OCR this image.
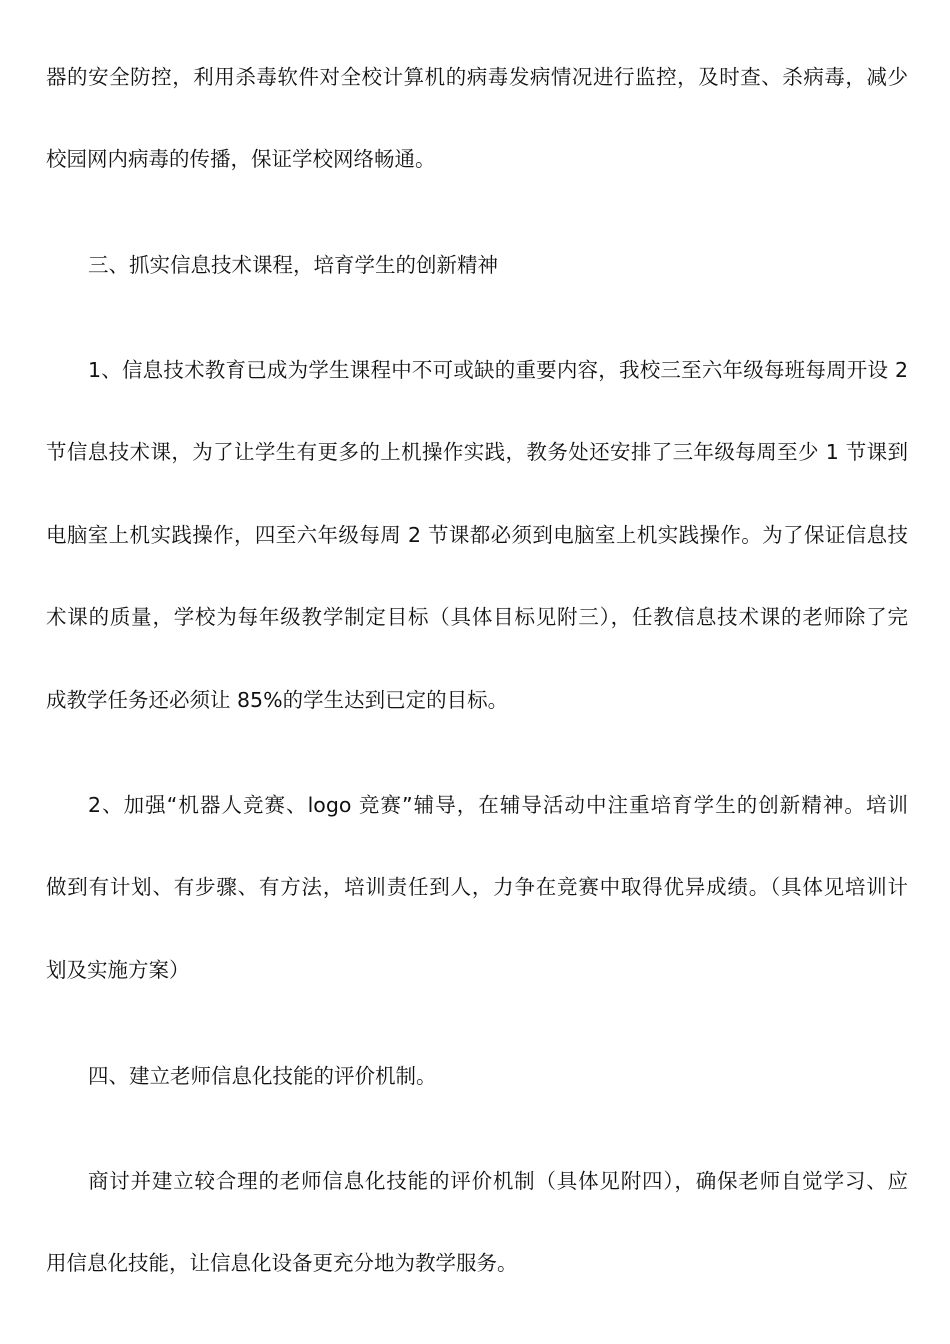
器的安全防控，利用杀毒软件对全校计算机的病毒发病情况进行监控，及时查、杀病毒，减少
校园网内病毒的传播，保证学校网络畅通。
三、抓实信息技术课程，培育学生的创新精神
1、信息技术教育已成为学生课程中不可或缺的重要内容，我校三至六年级每班每周开设 2
节信息技术课，为了让学生有更多的上机操作实践，教务处还安排了三年级每周至少 1 节课到
电脑室上机实践操作，四至六年级每周 2 节课都必须到电脑室上机实践操作。为了保证信息技
术课的质量，学校为每年级教学制定目标（具体目标见附三），任教信息技术课的老师除了完
成教学任务还必须让 85%的学生达到已定的目标。
2、加强“机器人竞赛、logo 竞赛”辅导，在辅导活动中注重培育学生的创新精神。培训
做到有计划、有步骤、有方法，培训责任到人，力争在竞赛中取得优异成绩。（具体见培训计
划及实施方案）
四、建立老师信息化技能的评价机制。
商讨并建立较合理的老师信息化技能的评价机制（具体见附四），确保老师自觉学习、应
用信息化技能，让信息化设备更充分地为教学服务。
